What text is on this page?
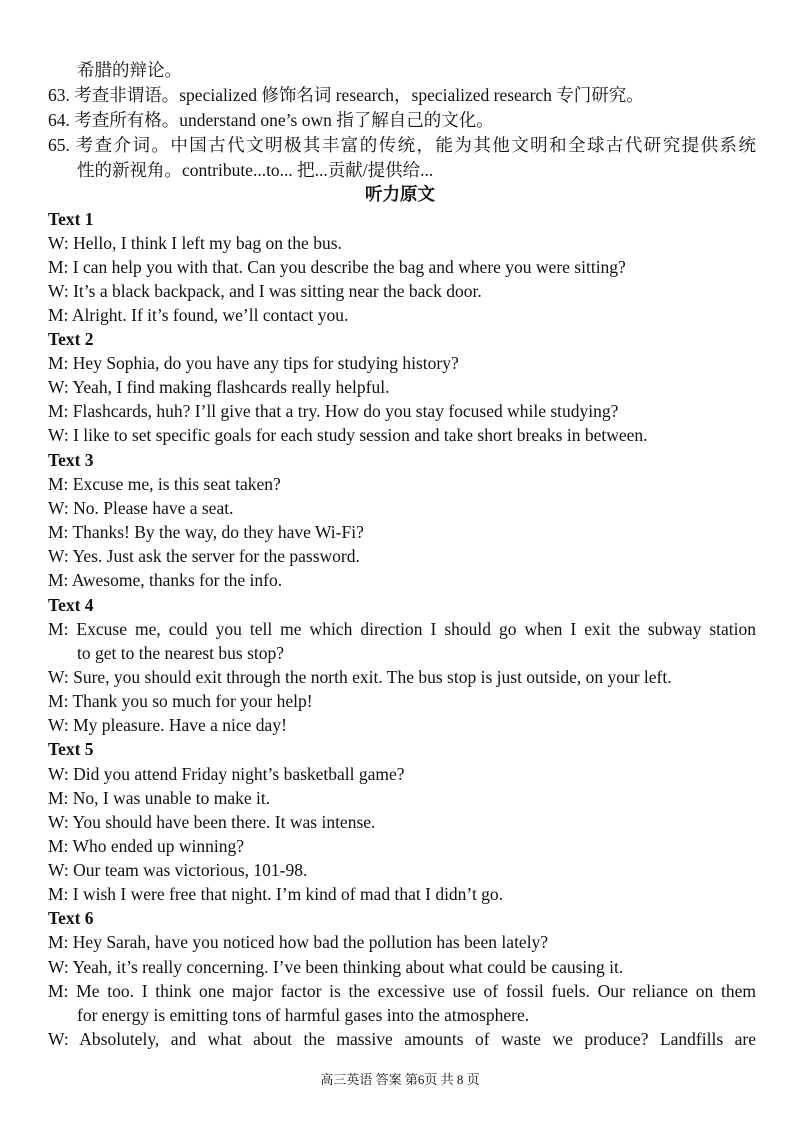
希腊的辩论。
63. 考查非谓语。specialized 修饰名词 research，specialized research 专门研究。
64. 考查所有格。understand one’s own 指了解自己的文化。
65. 考查介词。中国古代文明极其丰富的传统，能为其他文明和全球古代研究提供系统
性的新视角。contribute...to... 把...贡献/提供给...
听力原文
Text 1
W: Hello, I think I left my bag on the bus.
M: I can help you with that. Can you describe the bag and where you were sitting?
W: It’s a black backpack, and I was sitting near the back door.
M: Alright. If it’s found, we’ll contact you.
Text 2
M: Hey Sophia, do you have any tips for studying history?
W: Yeah, I find making flashcards really helpful.
M: Flashcards, huh? I’ll give that a try. How do you stay focused while studying?
W: I like to set specific goals for each study session and take short breaks in between.
Text 3
M: Excuse me, is this seat taken?
W: No. Please have a seat.
M: Thanks! By the way, do they have Wi-Fi?
W: Yes. Just ask the server for the password.
M: Awesome, thanks for the info.
Text 4
M: Excuse me, could you tell me which direction I should go when I exit the subway station
to get to the nearest bus stop?
W: Sure, you should exit through the north exit. The bus stop is just outside, on your left.
M: Thank you so much for your help!
W: My pleasure. Have a nice day!
Text 5
W: Did you attend Friday night’s basketball game?
M: No, I was unable to make it.
W: You should have been there. It was intense.
M: Who ended up winning?
W: Our team was victorious, 101-98.
M: I wish I were free that night. I’m kind of mad that I didn’t go.
Text 6
M: Hey Sarah, have you noticed how bad the pollution has been lately?
W: Yeah, it’s really concerning. I’ve been thinking about what could be causing it.
M: Me too. I think one major factor is the excessive use of fossil fuels. Our reliance on them
for energy is emitting tons of harmful gases into the atmosphere.
W: Absolutely, and what about the massive amounts of waste we produce? Landfills are
高三英语 答案 第6页 共 8 页
